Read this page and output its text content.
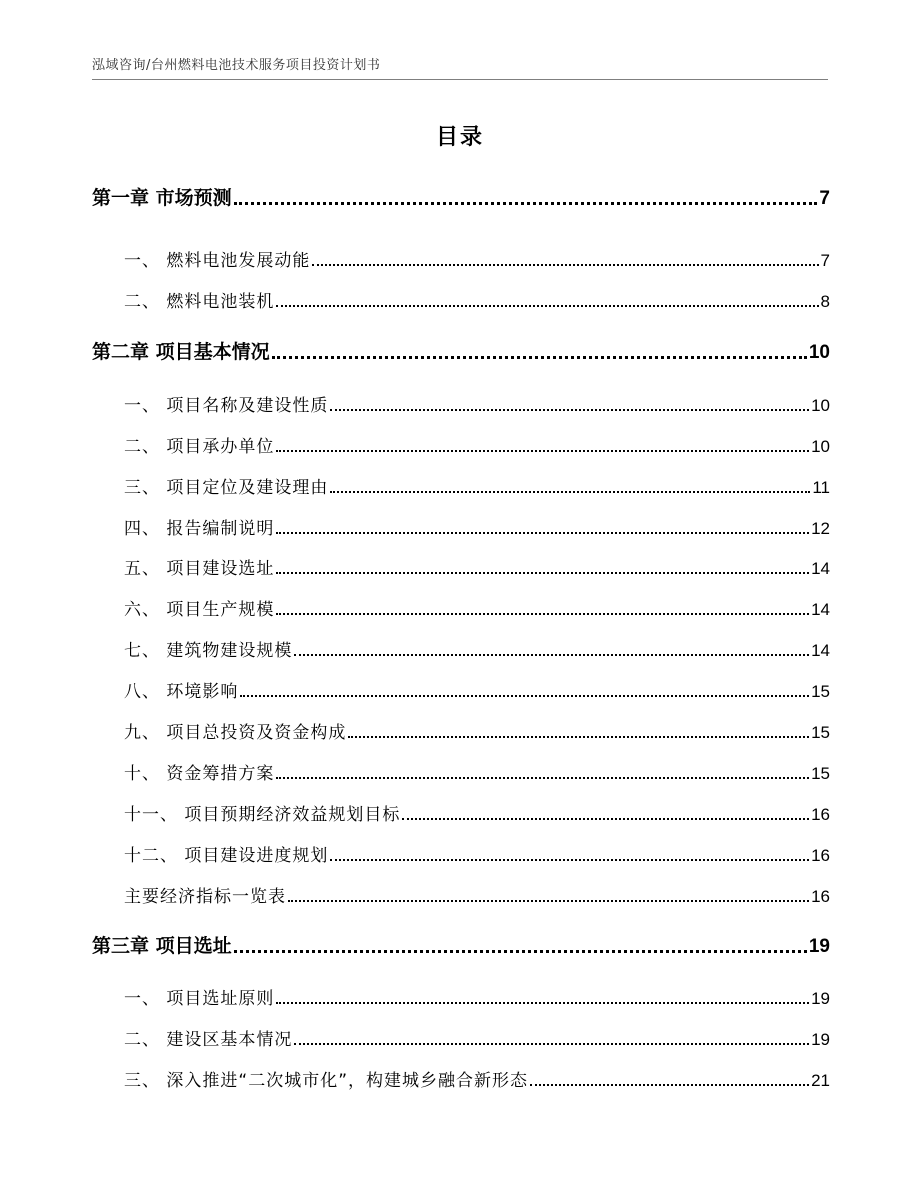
泓域咨询/台州燃料电池技术服务项目投资计划书
目录
第一章 市场预测	7
一、 燃料电池发展动能	7
二、 燃料电池装机	8
第二章 项目基本情况	10
一、 项目名称及建设性质	10
二、 项目承办单位	10
三、 项目定位及建设理由	11
四、 报告编制说明	12
五、 项目建设选址	14
六、 项目生产规模	14
七、 建筑物建设规模	14
八、 环境影响	15
九、 项目总投资及资金构成	15
十、 资金筹措方案	15
十一、 项目预期经济效益规划目标	16
十二、 项目建设进度规划	16
主要经济指标一览表	16
第三章 项目选址	19
一、 项目选址原则	19
二、 建设区基本情况	19
三、 深入推进“二次城市化”，构建城乡融合新形态	21
